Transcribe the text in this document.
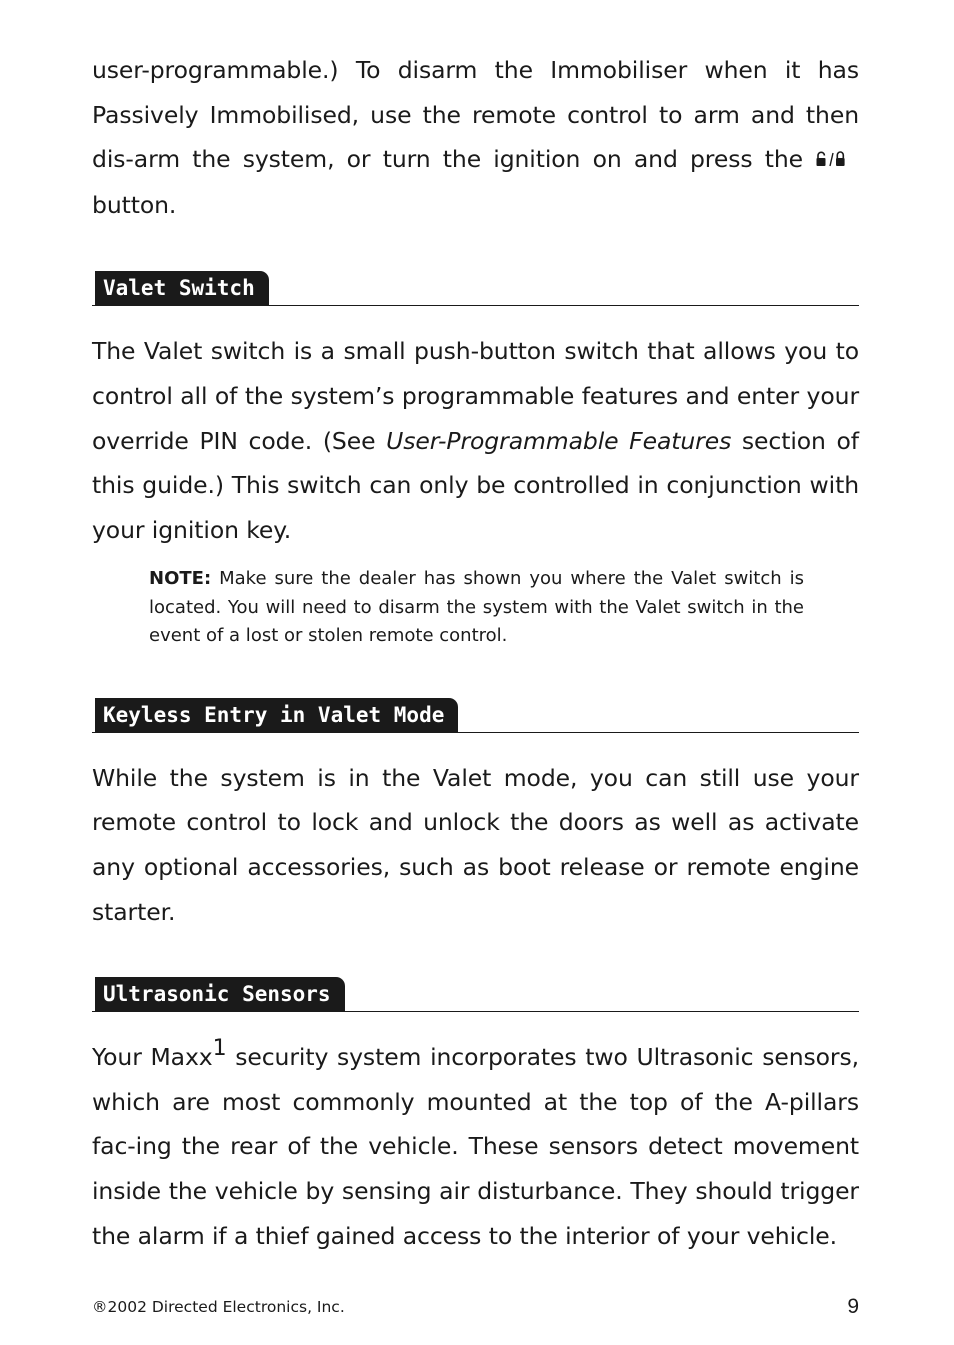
user-programmable.) To disarm the Immobiliser when it has Passively Immobilised, use the remote control to arm and then dis-arm the system, or turn the ignition on and press thebutton.

Valet Switch

The Valet switch is a small push-button switch that allows you to control all of the system’s programmable features and enter your override PIN code. (See User-Programmable Features section of this guide.) This switch can only be controlled in conjunction with your ignition key.

NOTE: Make sure the dealer has shown you where the Valet switch is located. You will need to disarm the system with the Valet switch in the event of a lost or stolen remote control.

Keyless Entry in Valet Mode

While the system is in the Valet mode, you can still use your remote control to lock and unlock the doors as well as activate any optional accessories, such as boot release or remote engine starter.

Ultrasonic Sensors

Your Maxx$^1$ security system incorporates two Ultrasonic sensors, which are most commonly mounted at the top of the A-pillars fac-ing the rear of the vehicle. These sensors detect movement inside the vehicle by sensing air disturbance. They should trigger the alarm if a thief gained access to the interior of your vehicle.

®2002 Directed Electronics, Inc.	9
